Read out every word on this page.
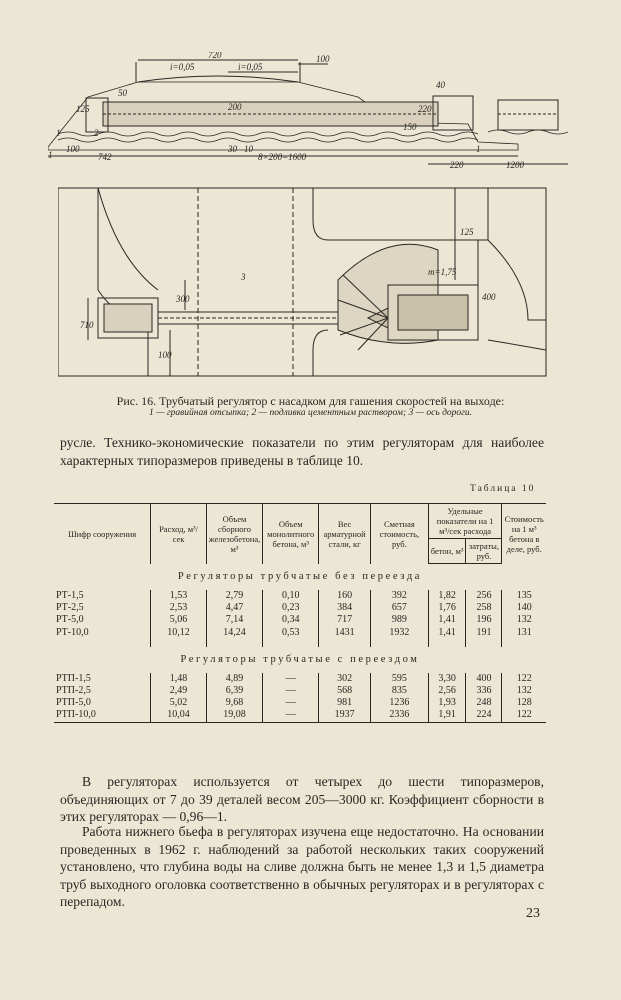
720
i=0,05	i=0,05
100
40
200
50
220
125
150
100
2
742
30 10
8×200=1600
220	1200
1
1
1
710
100
3
125
m=1,75
400
300
Рис. 16. Трубчатый регулятор с насадком для гашения скоростей на выходе:
1 — гравийная отсыпка; 2 — подливка цементным раствором; 3 — ось дороги.
русле. Технико-экономические показатели по этим регуляторам для наиболее характерных типоразмеров приведены в таблице 10.
Таблица 10
Шифр сооружения	Расход, м³/сек	Объем сборного железобетона, м³	Объем монолитного бетона, м³	Вес арматурной стали, кг	Сметная стоимость, руб.	Удельные показатели на 1 м³/сек расхода		Стоимость на 1 м³ бетона в деле, руб.
						бетон, м³	затраты, руб.	
Регуляторы трубчатые без переезда								
РТ-1,5	1,53	2,79	0,10	160	392	1,82	256	135
РТ-2,5	2,53	4,47	0,23	384	657	1,76	258	140
РТ-5,0	5,06	7,14	0,34	717	989	1,41	196	132
РТ-10,0	10,12	14,24	0,53	1431	1932	1,41	191	131

Регуляторы трубчатые с переездом								
РТП-1,5	1,48	4,89	—	302	595	3,30	400	122
РТП-2,5	2,49	6,39	—	568	835	2,56	336	132
РТП-5,0	5,02	9,68	—	981	1236	1,93	248	128
РТП-10,0	10,04	19,08	—	1937	2336	1,91	224	122
В регуляторах используется от четырех до шести типоразмеров, объединяющих от 7 до 39 деталей весом 205—3000 кг. Коэффициент сборности в этих регуляторах — 0,96—1.
Работа нижнего бьефа в регуляторах изучена еще недостаточно. На основании проведенных в 1962 г. наблюдений за работой нескольких таких сооружений установлено, что глубина воды на сливе должна быть не менее 1,3 и 1,5 диаметра труб выходного оголовка соответственно в обычных регуляторах и в регуляторах с перепадом.
23
